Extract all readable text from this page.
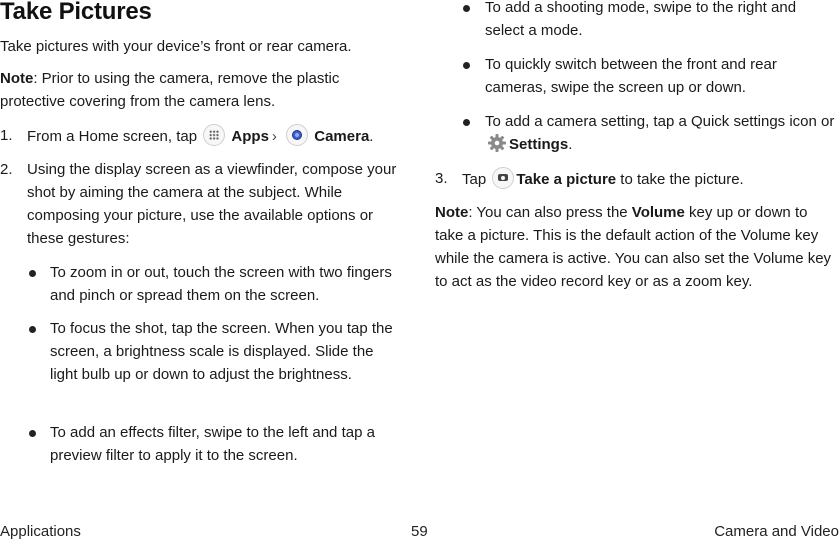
Take Pictures

Take pictures with your device’s front or rear camera.

Note: Prior to using the camera, remove the plastic protective covering from the camera lens.

1. From a Home screen, tap Apps › Camera.
2. Using the display screen as a viewfinder, compose your shot by aiming the camera at the subject. While composing your picture, use the available options or these gestures:
To zoom in or out, touch the screen with two fingers and pinch or spread them on the screen.
To focus the shot, tap the screen. When you tap the screen, a brightness scale is displayed. Slide the light bulb up or down to adjust the brightness.
To add an effects filter, swipe to the left and tap a preview filter to apply it to the screen.
To add a shooting mode, swipe to the right and select a mode.
To quickly switch between the front and rear cameras, swipe the screen up or down.
To add a camera setting, tap a Quick settings icon or Settings.
3. Tap Take a picture to take the picture.

Note: You can also press the Volume key up or down to take a picture. This is the default action of the Volume key while the camera is active. You can also set the Volume key to act as the video record key or as a zoom key.

Applications	59	Camera and Video
